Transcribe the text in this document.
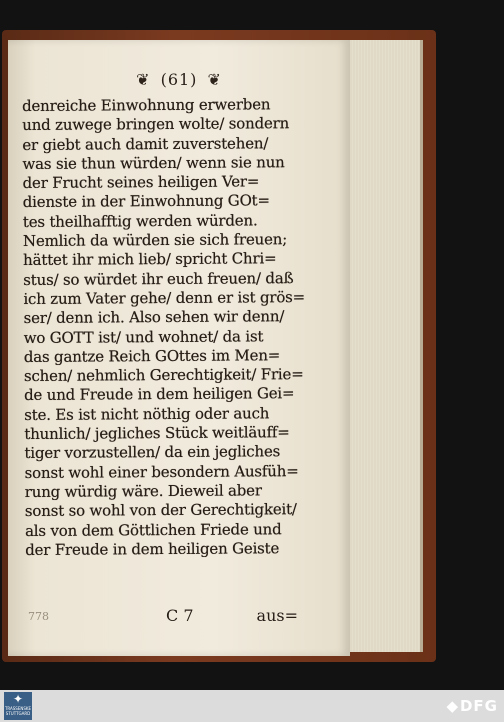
❦ (61) ❦
denreiche Einwohnung erwerben
und zuwege bringen wolte/ sondern
er giebt auch damit zuverstehen/
was sie thun würden/ wenn sie nun
der Frucht seines heiligen Ver=
dienste in der Einwohnung GOt=
tes theilhafftig werden würden.
Nemlich da würden sie sich freuen;
hättet ihr mich lieb/ spricht Chri=
stus/ so würdet ihr euch freuen/ daß
ich zum Vater gehe/ denn er ist grös=
ser/ denn ich. Also sehen wir denn/
wo GOTT ist/ und wohnet/ da ist
das gantze Reich GOttes im Men=
schen/ nehmlich Gerechtigkeit/ Frie=
de und Freude in dem heiligen Gei=
ste. Es ist nicht nöthig oder auch
thunlich/ jegliches Stück weitläuff=
tiger vorzustellen/ da ein jegliches
sonst wohl einer besondern Ausfüh=
rung würdig wäre. Dieweil aber
sonst so wohl von der Gerechtigkeit/
als von dem Göttlichen Friede und
der Freude in dem heiligen Geiste
778	C 7	aus=
✦
TRASSENSKE STUTTGARD	◆DFG
